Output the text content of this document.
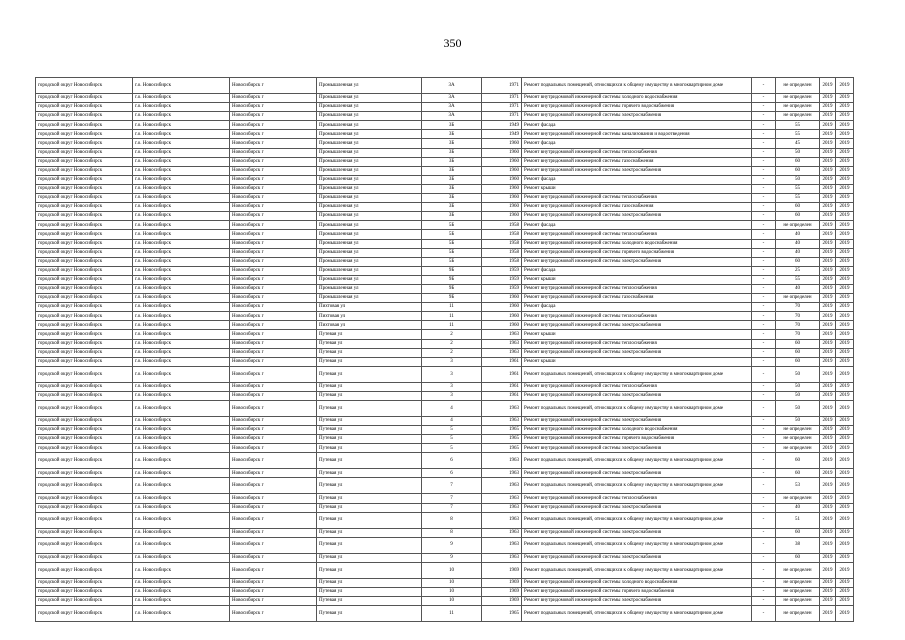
350
городской округ Новосибирск	г.о. Новосибирск	Новосибирск г	Промышленная ул	3А	1971	Ремонт подвальных помещений, относящихся к общему имуществу в многоквартирном доме	-	не определен	2019	2019
городской округ Новосибирск	г.о. Новосибирск	Новосибирск г	Промышленная ул	3А	1971	Ремонт внутридомовой инженерной системы холодного водоснабжения	-	не определен	2019	2019
городской округ Новосибирск	г.о. Новосибирск	Новосибирск г	Промышленная ул	3А	1971	Ремонт внутридомовой инженерной системы горячего водоснабжения	-	не определен	2019	2019
городской округ Новосибирск	г.о. Новосибирск	Новосибирск г	Промышленная ул	3А	1971	Ремонт внутридомовой инженерной системы электроснабжения	-	не определен	2019	2019
городской округ Новосибирск	г.о. Новосибирск	Новосибирск г	Промышленная ул	3Б	1949	Ремонт фасада	-	55	2019	2019
городской округ Новосибирск	г.о. Новосибирск	Новосибирск г	Промышленная ул	3Б	1949	Ремонт внутридомовой инженерной системы канализования и водоотведения	-	55	2019	2019
городской округ Новосибирск	г.о. Новосибирск	Новосибирск г	Промышленная ул	3Б	1960	Ремонт фасада	-	45	2019	2019
городской округ Новосибирск	г.о. Новосибирск	Новосибирск г	Промышленная ул	3Б	1960	Ремонт внутридомовой инженерной системы теплоснабжения	-	50	2019	2019
городской округ Новосибирск	г.о. Новосибирск	Новосибирск г	Промышленная ул	3Б	1960	Ремонт внутридомовой инженерной системы газоснабжения	-	60	2019	2019
городской округ Новосибирск	г.о. Новосибирск	Новосибирск г	Промышленная ул	3Б	1960	Ремонт внутридомовой инженерной системы электроснабжения	-	60	2019	2019
городской округ Новосибирск	г.о. Новосибирск	Новосибирск г	Промышленная ул	3Б	1960	Ремонт фасада	-	50	2019	2019
городской округ Новосибирск	г.о. Новосибирск	Новосибирск г	Промышленная ул	3Б	1960	Ремонт крыши	-	55	2019	2019
городской округ Новосибирск	г.о. Новосибирск	Новосибирск г	Промышленная ул	3Б	1960	Ремонт внутридомовой инженерной системы теплоснабжения	-	55	2019	2019
городской округ Новосибирск	г.о. Новосибирск	Новосибирск г	Промышленная ул	3Б	1960	Ремонт внутридомовой инженерной системы газоснабжения	-	60	2019	2019
городской округ Новосибирск	г.о. Новосибирск	Новосибирск г	Промышленная ул	3Б	1960	Ремонт внутридомовой инженерной системы электроснабжения	-	60	2019	2019
городской округ Новосибирск	г.о. Новосибирск	Новосибирск г	Промышленная ул	5Б	1958	Ремонт фасада	-	не определен	2019	2019
городской округ Новосибирск	г.о. Новосибирск	Новосибирск г	Промышленная ул	5Б	1958	Ремонт внутридомовой инженерной системы теплоснабжения	-	40	2019	2019
городской округ Новосибирск	г.о. Новосибирск	Новосибирск г	Промышленная ул	5Б	1958	Ремонт внутридомовой инженерной системы холодного водоснабжения	-	40	2019	2019
городской округ Новосибирск	г.о. Новосибирск	Новосибирск г	Промышленная ул	5Б	1958	Ремонт внутридомовой инженерной системы горячего водоснабжения	-	40	2019	2019
городской округ Новосибирск	г.о. Новосибирск	Новосибирск г	Промышленная ул	5Б	1958	Ремонт внутридомовой инженерной системы электроснабжения	-	60	2019	2019
городской округ Новосибирск	г.о. Новосибирск	Новосибирск г	Промышленная ул	9Б	1959	Ремонт фасада	-	25	2019	2019
городской округ Новосибирск	г.о. Новосибирск	Новосибирск г	Промышленная ул	9Б	1959	Ремонт крыши	-	55	2019	2019
городской округ Новосибирск	г.о. Новосибирск	Новосибирск г	Промышленная ул	9Б	1959	Ремонт внутридомовой инженерной системы теплоснабжения	-	40	2019	2019
городской округ Новосибирск	г.о. Новосибирск	Новосибирск г	Промышленная ул	9Б	1960	Ремонт внутридомовой инженерной системы газоснабжения	-	не определен	2019	2019
городской округ Новосибирск	г.о. Новосибирск	Новосибирск г	Пихтовая ул	11	1960	Ремонт фасада	-	70	2019	2019
городской округ Новосибирск	г.о. Новосибирск	Новосибирск г	Пихтовая ул	11	1960	Ремонт внутридомовой инженерной системы теплоснабжения	-	70	2019	2019
городской округ Новосибирск	г.о. Новосибирск	Новосибирск г	Пихтовая ул	11	1960	Ремонт внутридомовой инженерной системы электроснабжения	-	70	2019	2019
городской округ Новосибирск	г.о. Новосибирск	Новосибирск г	Путевая ул	2	1963	Ремонт крыши	-	70	2019	2019
городской округ Новосибирск	г.о. Новосибирск	Новосибирск г	Путевая ул	2	1963	Ремонт внутридомовой инженерной системы теплоснабжения	-	60	2019	2019
городской округ Новосибирск	г.о. Новосибирск	Новосибирск г	Путевая ул	2	1963	Ремонт внутридомовой инженерной системы электроснабжения	-	60	2019	2019
городской округ Новосибирск	г.о. Новосибирск	Новосибирск г	Путевая ул	3	1961	Ремонт крыши	-	60	2019	2019
городской округ Новосибирск	г.о. Новосибирск	Новосибирск г	Путевая ул	3	1961	Ремонт подвальных помещений, относящихся к общему имуществу в многоквартирном доме	-	50	2019	2019
городской округ Новосибирск	г.о. Новосибирск	Новосибирск г	Путевая ул	3	1961	Ремонт внутридомовой инженерной системы теплоснабжения	-	50	2019	2019
городской округ Новосибирск	г.о. Новосибирск	Новосибирск г	Путевая ул	3	1961	Ремонт внутридомовой инженерной системы электроснабжения	-	50	2019	2019
городской округ Новосибирск	г.о. Новосибирск	Новосибирск г	Путевая ул	4	1963	Ремонт подвальных помещений, относящихся к общему имуществу в многоквартирном доме	-	50	2019	2019
городской округ Новосибирск	г.о. Новосибирск	Новосибирск г	Путевая ул	4	1963	Ремонт внутридомовой инженерной системы электроснабжения	-	50	2019	2019
городской округ Новосибирск	г.о. Новосибирск	Новосибирск г	Путевая ул	5	1965	Ремонт внутридомовой инженерной системы холодного водоснабжения	-	не определен	2019	2019
городской округ Новосибирск	г.о. Новосибирск	Новосибирск г	Путевая ул	5	1965	Ремонт внутридомовой инженерной системы горячего водоснабжения	-	не определен	2019	2019
городской округ Новосибирск	г.о. Новосибирск	Новосибирск г	Путевая ул	5	1965	Ремонт внутридомовой инженерной системы электроснабжения	-	не определен	2019	2019
городской округ Новосибирск	г.о. Новосибирск	Новосибирск г	Путевая ул	6	1963	Ремонт подвальных помещений, относящихся к общему имуществу в многоквартирном доме	-	60	2019	2019
городской округ Новосибирск	г.о. Новосибирск	Новосибирск г	Путевая ул	6	1963	Ремонт внутридомовой инженерной системы электроснабжения	-	60	2019	2019
городской округ Новосибирск	г.о. Новосибирск	Новосибирск г	Путевая ул	7	1963	Ремонт подвальных помещений, относящихся к общему имуществу в многоквартирном доме	-	53	2019	2019
городской округ Новосибирск	г.о. Новосибирск	Новосибирск г	Путевая ул	7	1963	Ремонт внутридомовой инженерной системы теплоснабжения	-	не определен	2019	2019
городской округ Новосибирск	г.о. Новосибирск	Новосибирск г	Путевая ул	7	1963	Ремонт внутридомовой инженерной системы электроснабжения	-	40	2019	2019
городской округ Новосибирск	г.о. Новосибирск	Новосибирск г	Путевая ул	8	1963	Ремонт подвальных помещений, относящихся к общему имуществу в многоквартирном доме	-	51	2019	2019
городской округ Новосибирск	г.о. Новосибирск	Новосибирск г	Путевая ул	8	1963	Ремонт внутридомовой инженерной системы электроснабжения	-	60	2019	2019
городской округ Новосибирск	г.о. Новосибирск	Новосибирск г	Путевая ул	9	1963	Ремонт подвальных помещений, относящихся к общему имуществу в многоквартирном доме	-	38	2019	2019
городской округ Новосибирск	г.о. Новосибирск	Новосибирск г	Путевая ул	9	1963	Ремонт внутридомовой инженерной системы электроснабжения	-	60	2019	2019
городской округ Новосибирск	г.о. Новосибирск	Новосибирск г	Путевая ул	10	1969	Ремонт подвальных помещений, относящихся к общему имуществу в многоквартирном доме	-	не определен	2019	2019
городской округ Новосибирск	г.о. Новосибирск	Новосибирск г	Путевая ул	10	1969	Ремонт внутридомовой инженерной системы холодного водоснабжения	-	не определен	2019	2019
городской округ Новосибирск	г.о. Новосибирск	Новосибирск г	Путевая ул	10	1969	Ремонт внутридомовой инженерной системы горячего водоснабжения	-	не определен	2019	2019
городской округ Новосибирск	г.о. Новосибирск	Новосибирск г	Путевая ул	10	1969	Ремонт внутридомовой инженерной системы электроснабжения	-	не определен	2019	2019
городской округ Новосибирск	г.о. Новосибирск	Новосибирск г	Путевая ул	11	1965	Ремонт подвальных помещений, относящихся к общему имуществу в многоквартирном доме	-	не определен	2019	2019
